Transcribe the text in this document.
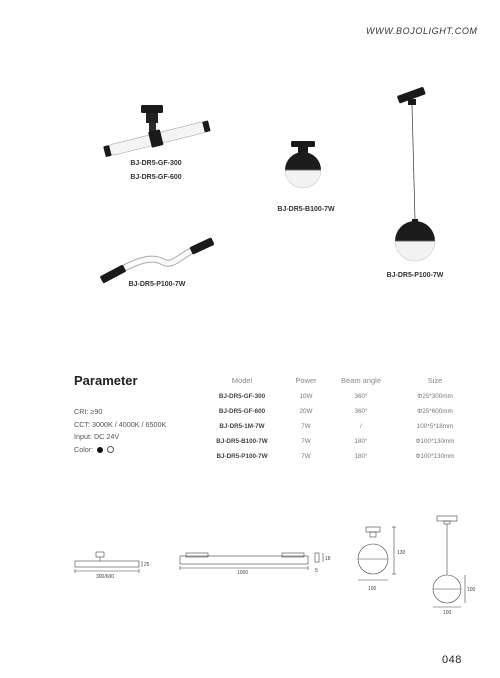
WWW.BOJOLIGHT.COM
BJ-DR5-GF-300
BJ-DR5-GF-600
BJ-DR5-B100-7W
BJ-DR5-P100-7W
BJ-DR5-P100-7W
Parameter
CRI: ≥90
CCT: 3000K / 4000K / 6500K
Input: DC 24V
Color:
Model	Power	Beam angle	Size
BJ-DR5-GF-300	10W	360°	Φ25*300mm
BJ-DR5-GF-600	20W	360°	Φ25*600mm
BJ-DR5-1M-7W	7W	/	100*5*18mm
BJ-DR5-B100-7W	7W	180°	Φ100*130mm
BJ-DR5-P100-7W	7W	180°	Φ100*130mm
25
300/600
18
1000	5
130
100	100
100
048
